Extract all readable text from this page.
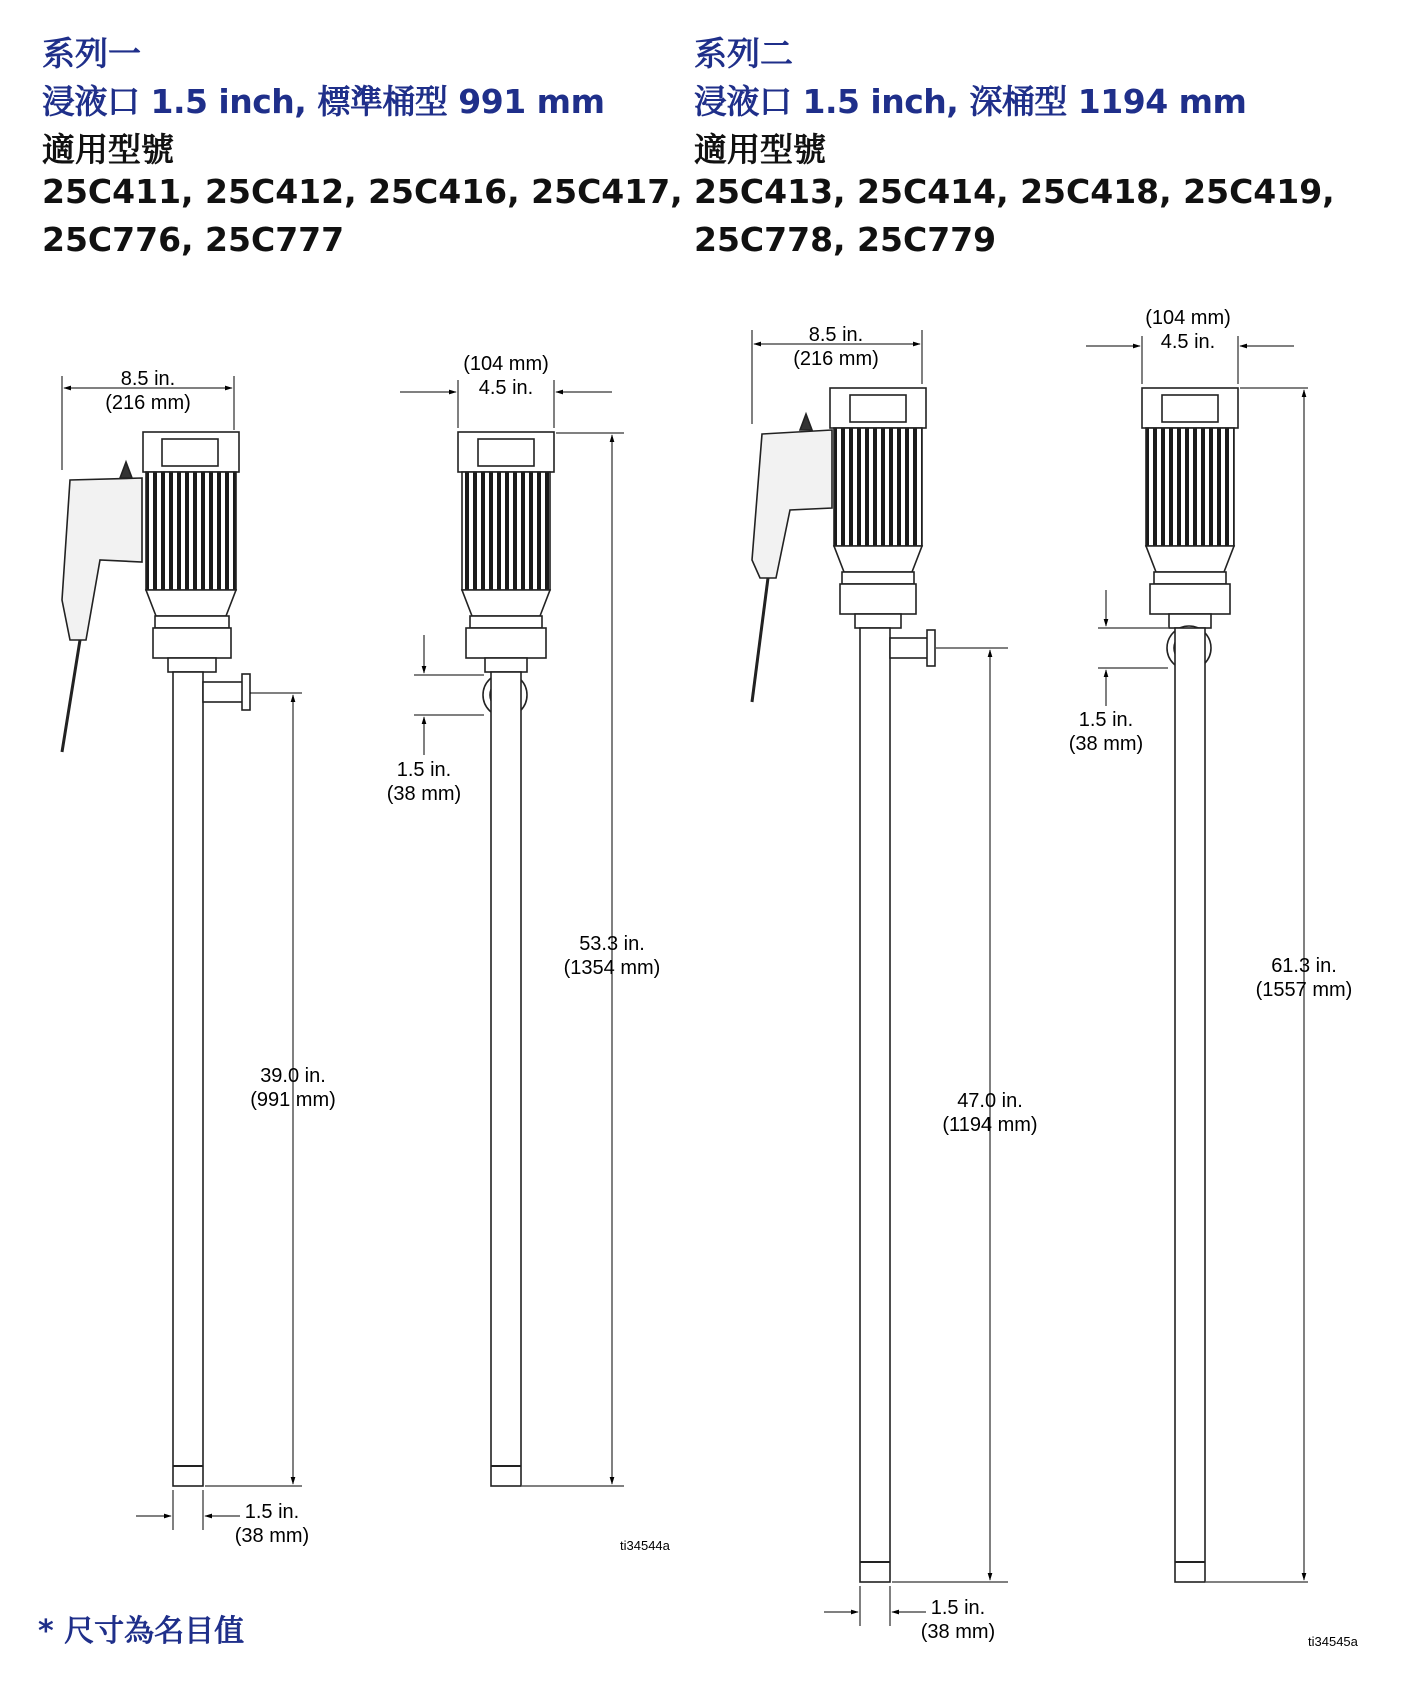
系列一
浸液口 1.5 inch, 標準桶型 991 mm
適用型號
25C411, 25C412, 25C416, 25C417,
25C776, 25C777
系列二
浸液口 1.5 inch, 深桶型 1194 mm
適用型號
25C413, 25C414, 25C418, 25C419,
25C778, 25C779
8.5 in.
(216 mm)
39.0 in.
(991 mm)
1.5 in.
(38 mm)
(104 mm)
4.5 in.
1.5 in.
(38 mm)
53.3 in.
(1354 mm)
ti34544a
8.5 in.
(216 mm)
47.0 in.
(1194 mm)
1.5 in.
(38 mm)
(104 mm)
4.5 in.
1.5 in.
(38 mm)
61.3 in.
(1557 mm)
ti34545a
* 尺寸為名目值
